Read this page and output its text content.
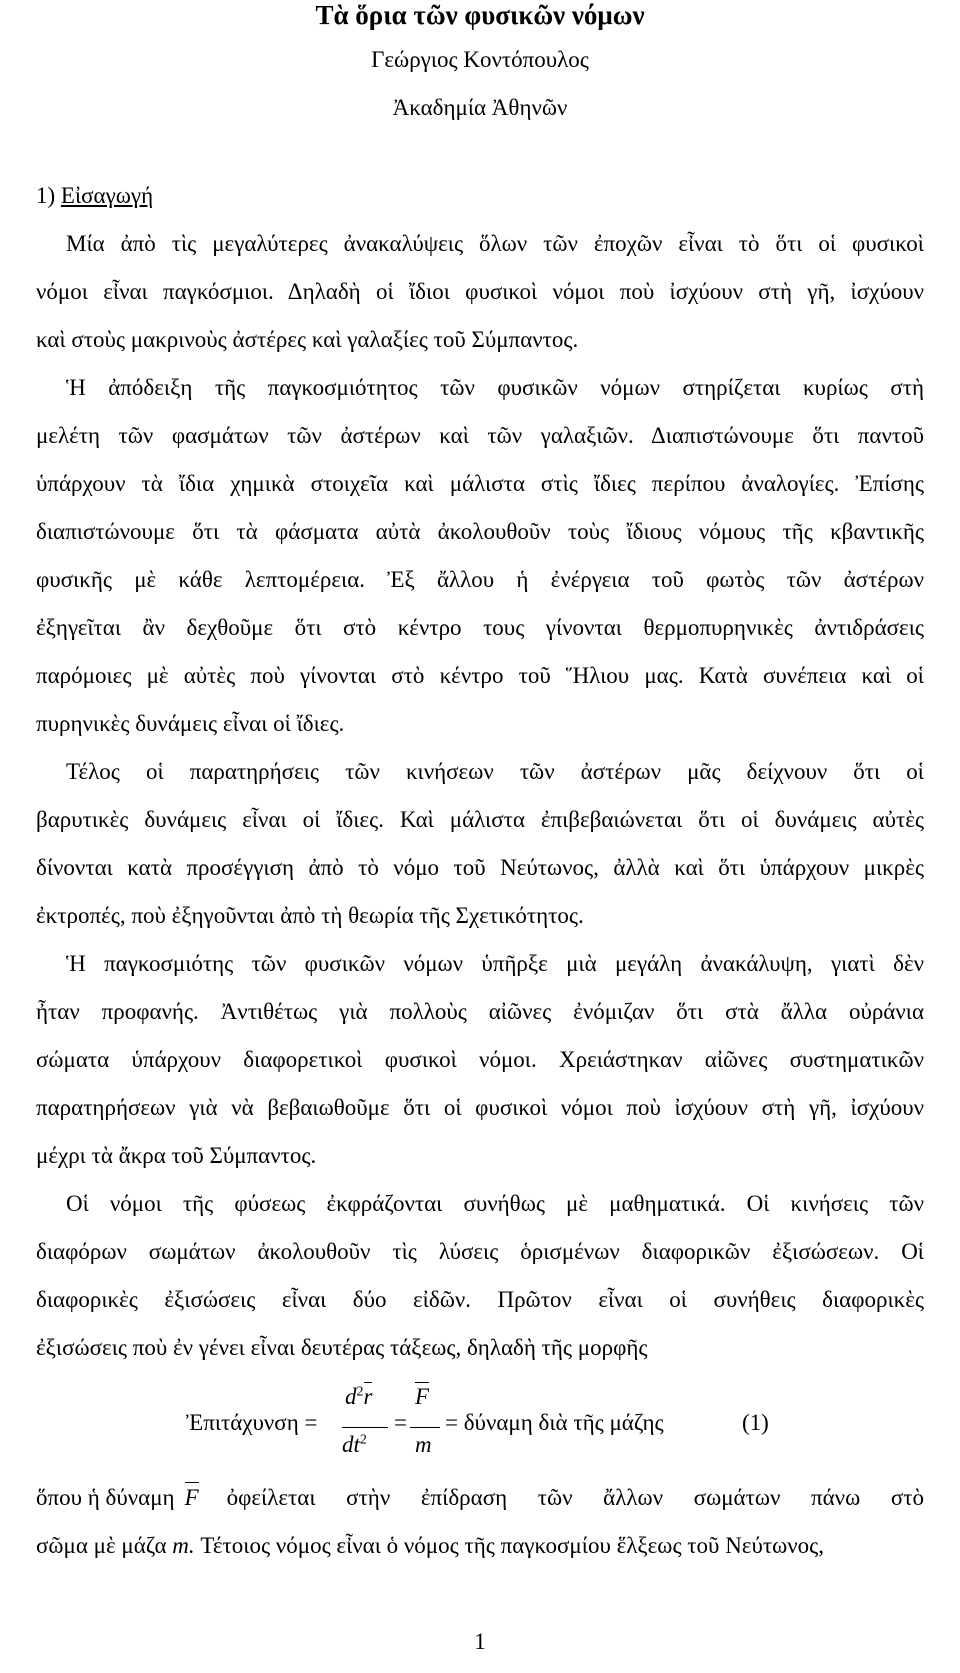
Τὰ ὅρια τῶν φυσικῶν νόμων
Γεώργιος Κοντόπουλος
Ἀκαδημία Ἀθηνῶν
1) Εἰσαγωγή
Μία ἀπὸ τὶς μεγαλύτερες ἀνακαλύψεις ὅλων τῶν ἐποχῶν εἶναι τὸ ὅτι οἱ φυσικοὶ
νόμοι εἶναι παγκόσμιοι. Δηλαδὴ οἱ ἴδιοι φυσικοὶ νόμοι ποὺ ἰσχύουν στὴ γῆ, ἰσχύουν
καὶ στοὺς μακρινοὺς ἀστέρες καὶ γαλαξίες τοῦ Σύμπαντος.
Ἡ ἀπόδειξη τῆς παγκοσμιότητος τῶν φυσικῶν νόμων στηρίζεται κυρίως στὴ
μελέτη τῶν φασμάτων τῶν ἀστέρων καὶ τῶν γαλαξιῶν. Διαπιστώνουμε ὅτι παντοῦ
ὑπάρχουν τὰ ἴδια χημικὰ στοιχεῖα καὶ μάλιστα στὶς ἴδιες περίπου ἀναλογίες. Ἐπίσης
διαπιστώνουμε ὅτι τὰ φάσματα αὐτὰ ἀκολουθοῦν τοὺς ἴδιους νόμους τῆς κβαντικῆς
φυσικῆς μὲ κάθε λεπτομέρεια. Ἐξ ἄλλου ἡ ἐνέργεια τοῦ φωτὸς τῶν ἀστέρων
ἐξηγεῖται ἂν δεχθοῦμε ὅτι στὸ κέντρο τους γίνονται θερμοπυρηνικὲς ἀντιδράσεις
παρόμοιες μὲ αὐτὲς ποὺ γίνονται στὸ κέντρο τοῦ Ἥλιου μας. Κατὰ συνέπεια καὶ οἱ
πυρηνικὲς δυνάμεις εἶναι οἱ ἴδιες.
Τέλος οἱ παρατηρήσεις τῶν κινήσεων τῶν ἀστέρων μᾶς δείχνουν ὅτι οἱ
βαρυτικὲς δυνάμεις εἶναι οἱ ἴδιες. Καὶ μάλιστα ἐπιβεβαιώνεται ὅτι οἱ δυνάμεις αὐτὲς
δίνονται κατὰ προσέγγιση ἀπὸ τὸ νόμο τοῦ Νεύτωνος, ἀλλὰ καὶ ὅτι ὑπάρχουν μικρὲς
ἐκτροπές, ποὺ ἐξηγοῦνται ἀπὸ τὴ θεωρία τῆς Σχετικότητος.
Ἡ παγκοσμιότης τῶν φυσικῶν νόμων ὑπῆρξε μιὰ μεγάλη ἀνακάλυψη, γιατὶ δὲν
ἦταν προφανής. Ἀντιθέτως γιὰ πολλοὺς αἰῶνες ἐνόμιζαν ὅτι στὰ ἄλλα οὐράνια
σώματα ὑπάρχουν διαφορετικοὶ φυσικοὶ νόμοι. Χρειάστηκαν αἰῶνες συστηματικῶν
παρατηρήσεων γιὰ νὰ βεβαιωθοῦμε ὅτι οἱ φυσικοὶ νόμοι ποὺ ἰσχύουν στὴ γῆ, ἰσχύουν
μέχρι τὰ ἄκρα τοῦ Σύμπαντος.
Οἱ νόμοι τῆς φύσεως ἐκφράζονται συνήθως μὲ μαθηματικά. Οἱ κινήσεις τῶν
διαφόρων σωμάτων ἀκολουθοῦν τὶς λύσεις ὁρισμένων διαφορικῶν ἐξισώσεων. Οἱ
διαφορικὲς ἐξισώσεις εἶναι δύο εἰδῶν. Πρῶτον εἶναι οἱ συνήθεις διαφορικὲς
ἐξισώσεις ποὺ ἐν γένει εἶναι δευτέρας τάξεως, δηλαδὴ τῆς μορφῆς
Ἐπιτάχυνση =
$d^2r$
$dt^2$
=
F
m
= δύναμη διὰ τῆς μάζης	(1)
ὅπου ἡ δύναμη F ὀφείλεται στὴν ἐπίδραση τῶν ἄλλων σωμάτων πάνω στὸ
σῶμα μὲ μάζα m. Τέτοιος νόμος εἶναι ὁ νόμος τῆς παγκοσμίου ἕλξεως τοῦ Νεύτωνος,
1
